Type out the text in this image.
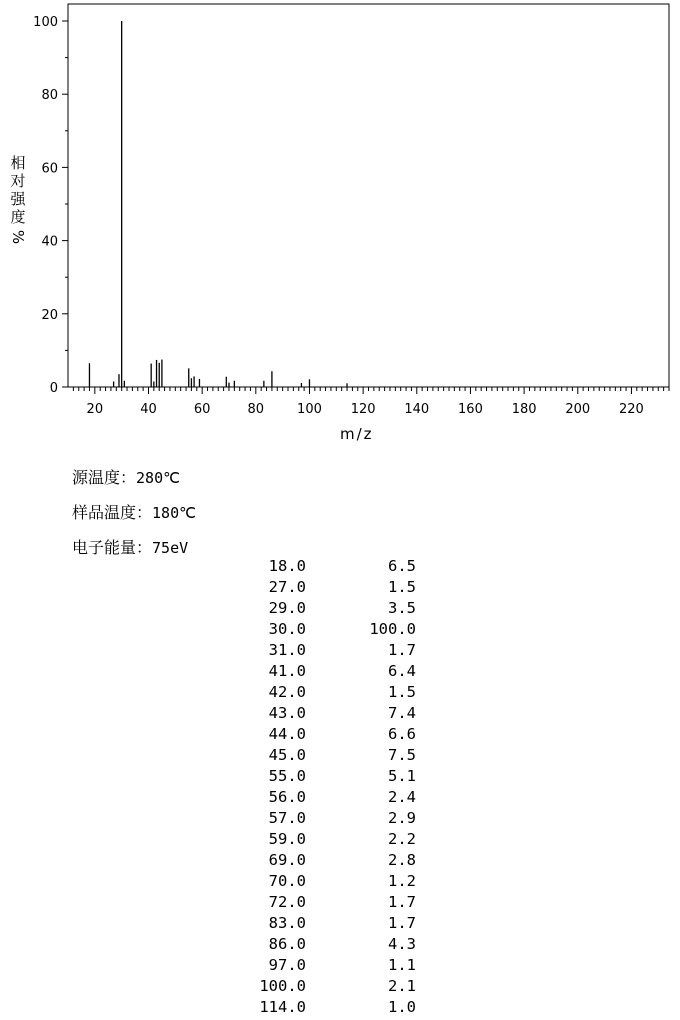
0
20
40
60
80
100
20	40	60	80	100 120 140 160 180 200 220
相
对
强
度
%
m/z
源温度：280℃
样品温度：180℃
电子能量：75eV
18.0	6.5
27.0	1.5
29.0	3.5
30.0	100.0
31.0	1.7
41.0	6.4
42.0	1.5
43.0	7.4
44.0	6.6
45.0	7.5
55.0	5.1
56.0	2.4
57.0	2.9
59.0	2.2
69.0	2.8
70.0	1.2
72.0	1.7
83.0	1.7
86.0	4.3
97.0	1.1
100.0	2.1
114.0	1.0
